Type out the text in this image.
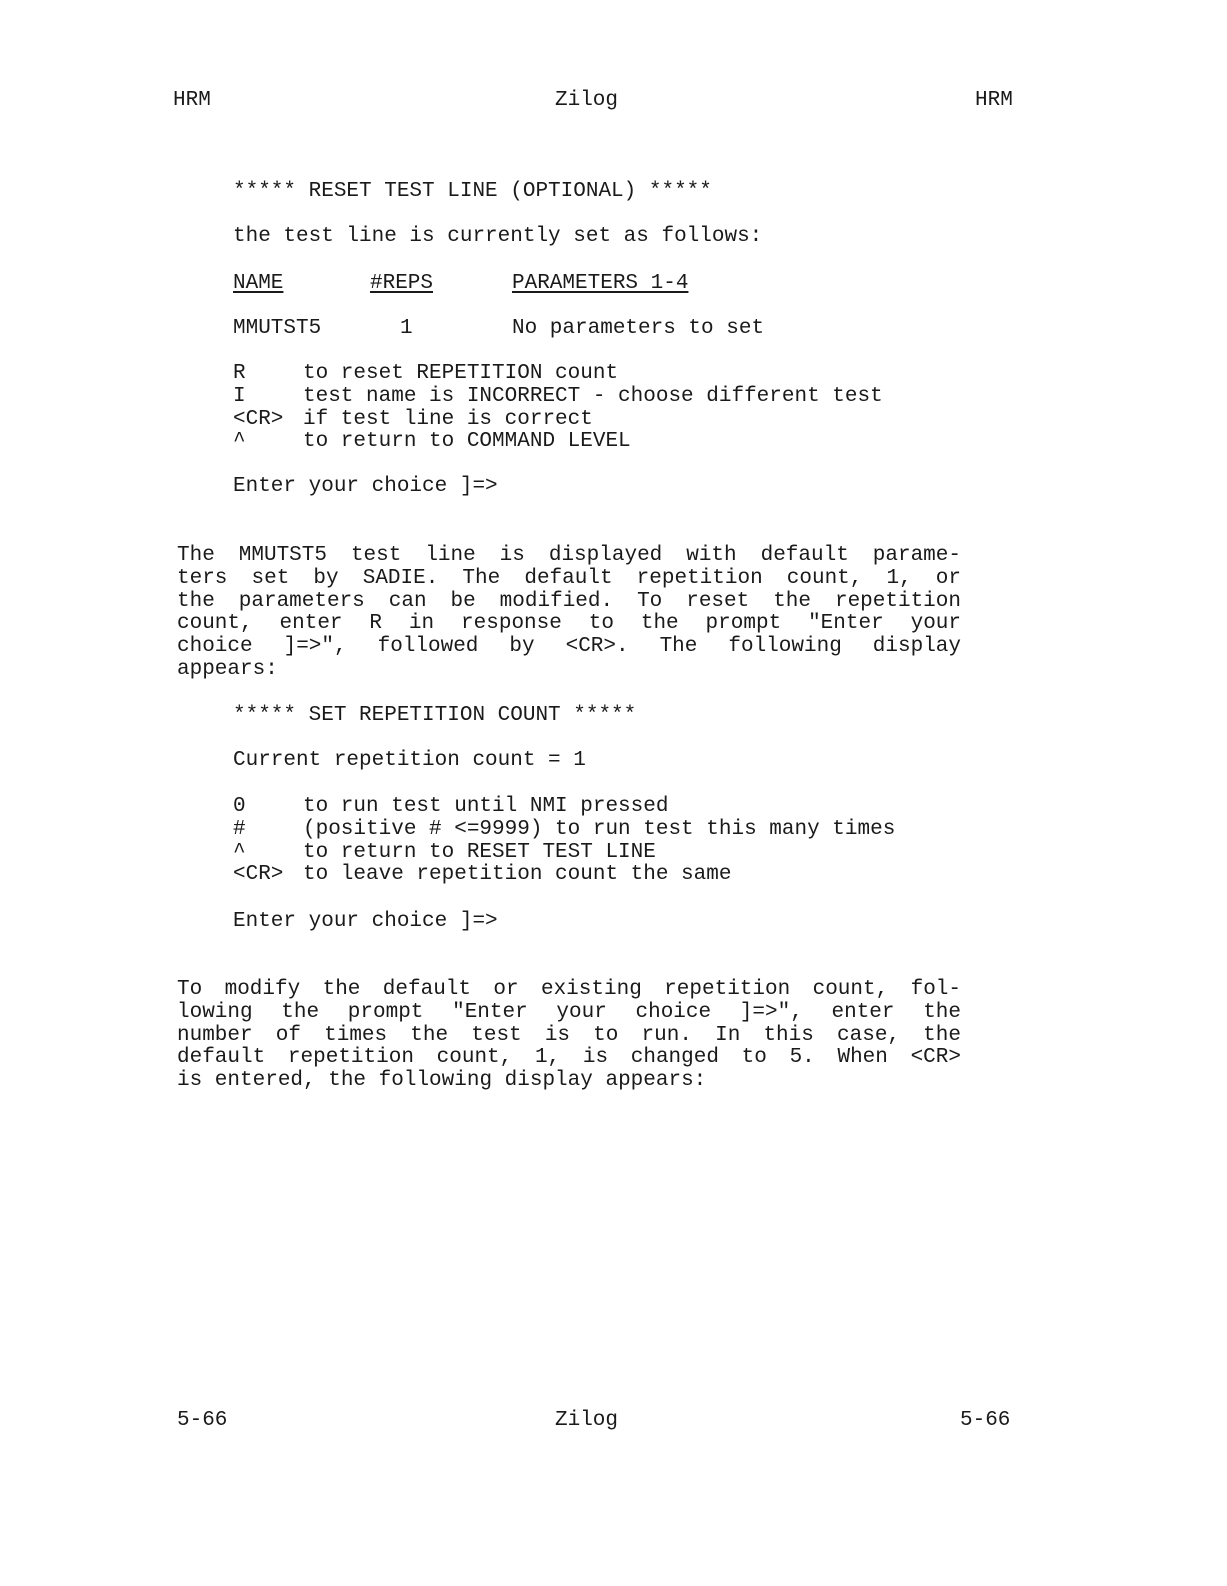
HRM	Zilog	HRM
***** RESET TEST LINE (OPTIONAL) *****
the test line is currently set as follows:
NAME	#REPS	PARAMETERS 1-4
MMUTST5	1	No parameters to set
R	to reset REPETITION count
I	test name is INCORRECT - choose different test
<CR> if test line is correct
^	to return to COMMAND LEVEL
Enter your choice ]=>
The MMUTST5 test line is displayed with default parame-
ters set by SADIE. The default repetition count, 1, or
the parameters can be modified. To reset the repetition
count, enter R in response to the prompt "Enter your
choice ]=>", followed by <CR>. The following display
appears:
***** SET REPETITION COUNT *****
Current repetition count = 1
0	to run test until NMI pressed
#	(positive # <=9999) to run test this many times
^	to return to RESET TEST LINE
<CR> to leave repetition count the same
Enter your choice ]=>
To modify the default or existing repetition count, fol-
lowing the prompt "Enter your choice ]=>", enter the
number of times the test is to run. In this case, the
default repetition count, 1, is changed to 5. When <CR>
is entered, the following display appears:
5-66	Zilog	5-66
